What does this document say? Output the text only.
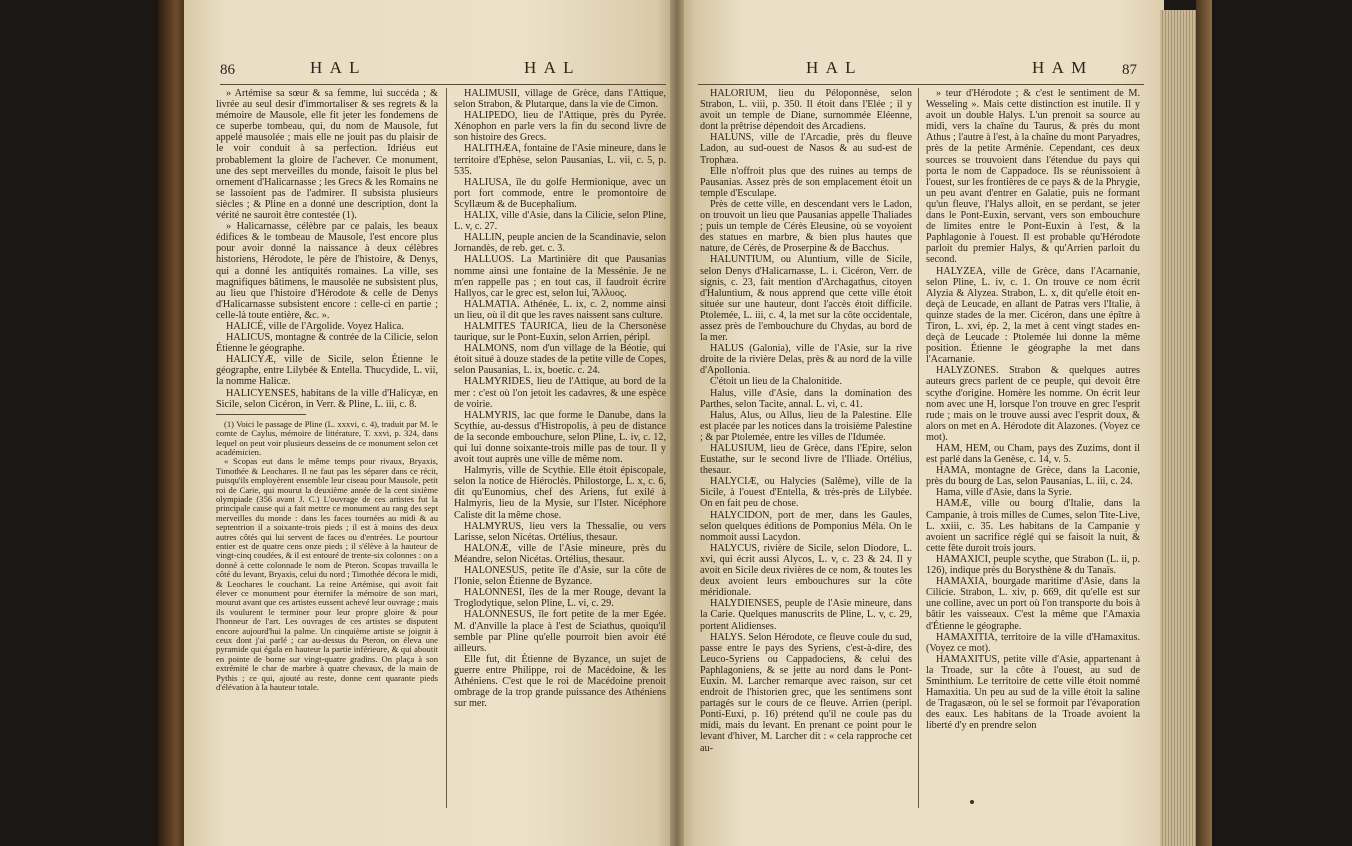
86	H A L	H A L

» Artémise sa sœur & sa femme, lui succéda ; & livrée au seul desir d'immortaliser & ses regrets & la mémoire de Mausole, elle fit jeter les fondemens de ce superbe tombeau, qui, du nom de Mausole, fut appelé mausolée ; mais elle ne jouit pas du plaisir de le voir conduit à sa perfection. Idriéus eut probablement la gloire de l'achever. Ce monument, une des sept merveilles du monde, faisoit le plus bel ornement d'Halicarnasse ; les Grecs & les Romains ne se lassoient pas de l'admirer. Il subsista plusieurs siècles ; & Pline en a donné une description, dont la vérité ne sauroit être contestée (1).

» Halicarnasse, célèbre par ce palais, les beaux édifices & le tombeau de Mausole, l'est encore plus pour avoir donné la naissance à deux célèbres historiens, Hérodote, le père de l'histoire, & Denys, qui a donné les antiquités romaines. La ville, ses magnifiques bâtimens, le mausolée ne subsistent plus, au lieu que l'histoire d'Hérodote & celle de Denys d'Halicarnasse subsistent encore : celle-ci en partie ; celle-là toute entière, &c. ».

HALICÉ, ville de l'Argolide. Voyez Halica.

HALICUS, montagne & contrée de la Cilicie, selon Étienne le géographe.

HALICYÆ, ville de Sicile, selon Étienne le géographe, entre Lilybée & Entella. Thucydide, L. vii, la nomme Halicæ.

HALICYENSES, habitans de la ville d'Halicyæ, en Sicile, selon Cicéron, in Verr. & Pline, L. iii, c. 8.

(1) Voici le passage de Pline (L. xxxvi, c. 4), traduit par M. le comte de Caylus, mémoire de littérature, T. xxvi, p. 324, dans lequel on peut voir plusieurs desseins de ce monument selon cet académicien.

« Scopas eut dans le même temps pour rivaux, Bryaxis, Timothée & Leochares. Il ne faut pas les séparer dans ce récit, puisqu'ils employèrent ensemble leur ciseau pour Mausole, petit roi de Carie, qui mourut la deuxième année de la cent sixième olympiade (356 avant J. C.) L'ouvrage de ces artistes fut la principale cause qui a fait mettre ce monument au rang des sept merveilles du monde : dans les faces tournées au midi & au septentrion il a soixante-trois pieds ; il est à moins des deux autres côtés qui lui servent de faces ou d'entrées. Le pourtour entier est de quatre cens onze pieds ; il s'élève à la hauteur de vingt-cinq coudées, & il est entouré de trente-six colonnes : on a donné à cette colonnade le nom de Pteron. Scopas travailla le côté du levant, Bryaxis, celui du nord ; Timothée décora le midi, & Leochares le couchant. La reine Artémise, qui avoit fait élever ce monument pour éternifer la mémoire de son mari, mourut avant que ces artistes eussent achevé leur ouvrage ; mais ils voulurent le terminer pour leur propre gloire & pour l'honneur de l'art. Les ouvrages de ces artistes se disputent encore aujourd'hui la palme. Un cinquième artiste se joignit à ceux dont j'ai parlé ; car au-dessus du Pteron, on éleva une pyramide qui égala en hauteur la partie inférieure, & qui aboutit en pointe de borne sur vingt-quatre gradins. On plaça à son extrémité le char de marbre à quatre chevaux, de la main de Pythis ; ce qui, ajouté au reste, donne cent quarante pieds d'élévation à la hauteur totale.

HALIMUSII, village de Grèce, dans l'Attique, selon Strabon, & Plutarque, dans la vie de Cimon.

HALIPEDO, lieu de l'Attique, près du Pyrée. Xénophon en parle vers la fin du second livre de son histoire des Grecs.

HALITHÆA, fontaine de l'Asie mineure, dans le territoire d'Ephèse, selon Pausanias, L. vii, c. 5, p. 535.

HALIUSA, île du golfe Hermionique, avec un port fort commode, entre le promontoire de Scyllæum & de Bucephalium.

HALIX, ville d'Asie, dans la Cilicie, selon Pline, L. v, c. 27.

HALLIN, peuple ancien de la Scandinavie, selon Jornandès, de reb. get. c. 3.

HALLUOS. La Martinière dit que Pausanias nomme ainsi une fontaine de la Messénie. Je ne m'en rappelle pas ; en tout cas, il faudroit écrire Hallyos, car le grec est, selon lui, Ἅλλυος.

HALMATIA. Athénée, L. ix, c. 2, nomme ainsi un lieu, où il dit que les raves naissent sans culture.

HALMITES TAURICA, lieu de la Chersonèse taurique, sur le Pont-Euxin, selon Arrien, péripl.

HALMONS, nom d'un village de la Béotie, qui étoit situé à douze stades de la petite ville de Copes, selon Pausanias, L. ix, boetic. c. 24.

HALMYRIDES, lieu de l'Attique, au bord de la mer : c'est où l'on jetoit les cadavres, & une espèce de voirie.

HALMYRIS, lac que forme le Danube, dans la Scythie, au-dessus d'Histropolis, à peu de distance de la seconde embouchure, selon Pline, L. iv, c. 12, qui lui donne soixante-trois mille pas de tour. Il y avoit tout auprès une ville de même nom.

Halmyris, ville de Scythie. Elle étoit épiscopale, selon la notice de Hiéroclès. Philostorge, L. x, c. 6, dit qu'Eunomius, chef des Ariens, fut exilé à Halmyris, lieu de la Mysie, sur l'Ister. Nicéphore Caliste dit la même chose.

HALMYRUS, lieu vers la Thessalie, ou vers Larisse, selon Nicétas. Ortélius, thesaur.

HALONÆ, ville de l'Asie mineure, près du Méandre, selon Nicétas. Ortélius, thesaur.

HALONESUS, petite île d'Asie, sur la côte de l'Ionie, selon Étienne de Byzance.

HALONNESI, îles de la mer Rouge, devant la Troglodytique, selon Pline, L. vi, c. 29.

HALONNESUS, île fort petite de la mer Egée. M. d'Anville la place à l'est de Sciathus, quoiqu'il semble par Pline qu'elle pourroit bien avoir été ailleurs.

Elle fut, dit Étienne de Byzance, un sujet de guerre entre Philippe, roi de Macédoine, & les Athéniens. C'est que le roi de Macédoine prenoit ombrage de la trop grande puissance des Athéniens sur mer.

H A L	H A M 87

HALORIUM, lieu du Péloponnèse, selon Strabon, L. viii, p. 350. Il étoit dans l'Elée ; il y avoit un temple de Diane, surnommée Eléenne, dont la prêtrise dépendoit des Arcadiens.

HALUNS, ville de l'Arcadie, près du fleuve Ladon, au sud-ouest de Nasos & au sud-est de Trophæa.

Elle n'offroit plus que des ruines au temps de Pausanias. Assez près de son emplacement étoit un temple d'Esculape.

Près de cette ville, en descendant vers le Ladon, on trouvoit un lieu que Pausanias appelle Thaliades ; puis un temple de Cérès Eleusine, où se voyoient des statues en marbre, & bien plus hautes que nature, de Cérès, de Proserpine & de Bacchus.

HALUNTIUM, ou Aluntium, ville de Sicile, selon Denys d'Halicarnasse, L. i. Cicéron, Verr. de signis, c. 23, fait mention d'Archagathus, citoyen d'Haluntium, & nous apprend que cette ville étoit située sur une hauteur, dont l'accès étoit difficile. Ptolemée, L. iii, c. 4, la met sur la côte occidentale, assez près de l'embouchure du Chydas, au bord de la mer.

HALUS (Galonia), ville de l'Asie, sur la rive droite de la rivière Delas, près & au nord de la ville d'Apollonia.

C'étoit un lieu de la Chalonitide.

Halus, ville d'Asie, dans la domination des Parthes, selon Tacite, annal. L. vi, c. 41.

Halus, Alus, ou Allus, lieu de la Palestine. Elle est placée par les notices dans la troisième Palestine ; & par Ptolemée, entre les villes de l'Idumée.

HALUSIUM, lieu de Grèce, dans l'Epire, selon Eustathe, sur le second livre de l'Iliade. Ortélius, thesaur.

HALYCIÆ, ou Halycies (Salême), ville de la Sicile, à l'ouest d'Entella, & très-près de Lilybée. On en fait peu de chose.

HALYCIDON, port de mer, dans les Gaules, selon quelques éditions de Pomponius Méla. On le nommoit aussi Lacydon.

HALYCUS, rivière de Sicile, selon Diodore, L. xvi, qui écrit aussi Alycos, L. v, c. 23 & 24. Il y avoit en Sicile deux rivières de ce nom, & toutes les deux avoient leurs embouchures sur la côte méridionale.

HALYDIENSES, peuple de l'Asie mineure, dans la Carie. Quelques manuscrits de Pline, L. v, c. 29, portent Alidienses.

HALYS. Selon Hérodote, ce fleuve coule du sud, passe entre le pays des Syriens, c'est-à-dire, des Leuco-Syriens ou Cappadociens, & celui des Paphlagoniens, & se jette au nord dans le Pont-Euxin. M. Larcher remarque avec raison, sur cet endroit de l'historien grec, que les sentimens sont partagés sur le cours de ce fleuve. Arrien (peripl. Ponti-Euxi, p. 16) prétend qu'il ne coule pas du midi, mais du levant. En prenant ce point pour le levant d'hiver, M. Larcher dit : « cela rapproche cet au-

» teur d'Hérodote ; & c'est le sentiment de M. Wesseling ». Mais cette distinction est inutile. Il y avoit un double Halys. L'un prenoit sa source au midi, vers la chaîne du Taurus, & près du mont Athus ; l'autre à l'est, à la chaîne du mont Paryadres, près de la petite Arménie. Cependant, ces deux sources se trouvoient dans l'étendue du pays qui porta le nom de Cappadoce. Ils se réunissoient à l'ouest, sur les frontières de ce pays & de la Phrygie, un peu avant d'entrer en Galatie, puis ne formant qu'un fleuve, l'Halys alloit, en se perdant, se jeter dans le Pont-Euxin, servant, vers son embouchure de limites entre le Pont-Euxin à l'est, & la Paphlagonie à l'ouest. Il est probable qu'Hérodote parloit du premier Halys, & qu'Arrien parloit du second.

HALYZEA, ville de Grèce, dans l'Acarnanie, selon Pline, L. iv, c. 1. On trouve ce nom écrit Alyzia & Alyzea. Strabon, L. x, dit qu'elle étoit en-deçà de Leucade, en allant de Patras vers l'Italie, à quinze stades de la mer. Cicéron, dans une épître à Tiron, L. xvi, ép. 2, la met à cent vingt stades en-deçà de Leucade : Ptolemée lui donne la même position. Étienne le géographe la met dans l'Acarnanie.

HALYZONES. Strabon & quelques autres auteurs grecs parlent de ce peuple, qui devoit être scythe d'origine. Homère les nomme. On écrit leur nom avec une H, lorsque l'on trouve en grec l'esprit rude ; mais on le trouve aussi avec l'esprit doux, & alors on met en A. Hérodote dit Alazones. (Voyez ce mot).

HAM, HEM, ou Cham, pays des Zuzims, dont il est parlé dans la Genèse, c. 14, v. 5.

HAMA, montagne de Grèce, dans la Laconie, près du bourg de Las, selon Pausanias, L. iii, c. 24.

Hama, ville d'Asie, dans la Syrie.

HAMÆ, ville ou bourg d'Italie, dans la Campanie, à trois milles de Cumes, selon Tite-Live, L. xxiii, c. 35. Les habitans de la Campanie y avoient un sacrifice réglé qui se faisoit la nuit, & cette fête duroit trois jours.

HAMAXICI, peuple scythe, que Strabon (L. ii, p. 126), indique près du Borysthène & du Tanaïs.

HAMAXIA, bourgade maritime d'Asie, dans la Cilicie. Strabon, L. xiv, p. 669, dit qu'elle est sur une colline, avec un port où l'on transporte du bois à bâtir les vaisseaux. C'est la même que l'Amaxia d'Étienne le géographe.

HAMAXITIA, territoire de la ville d'Hamaxitus. (Voyez ce mot).

HAMAXITUS, petite ville d'Asie, appartenant à la Troade, sur la côte à l'ouest, au sud de Sminthium. Le territoire de cette ville étoit nommé Hamaxitia. Un peu au sud de la ville étoit la saline de Tragasæon, où le sel se formoit par l'évaporation des eaux. Les habitans de la Troade avoient la liberté d'y en prendre selon
